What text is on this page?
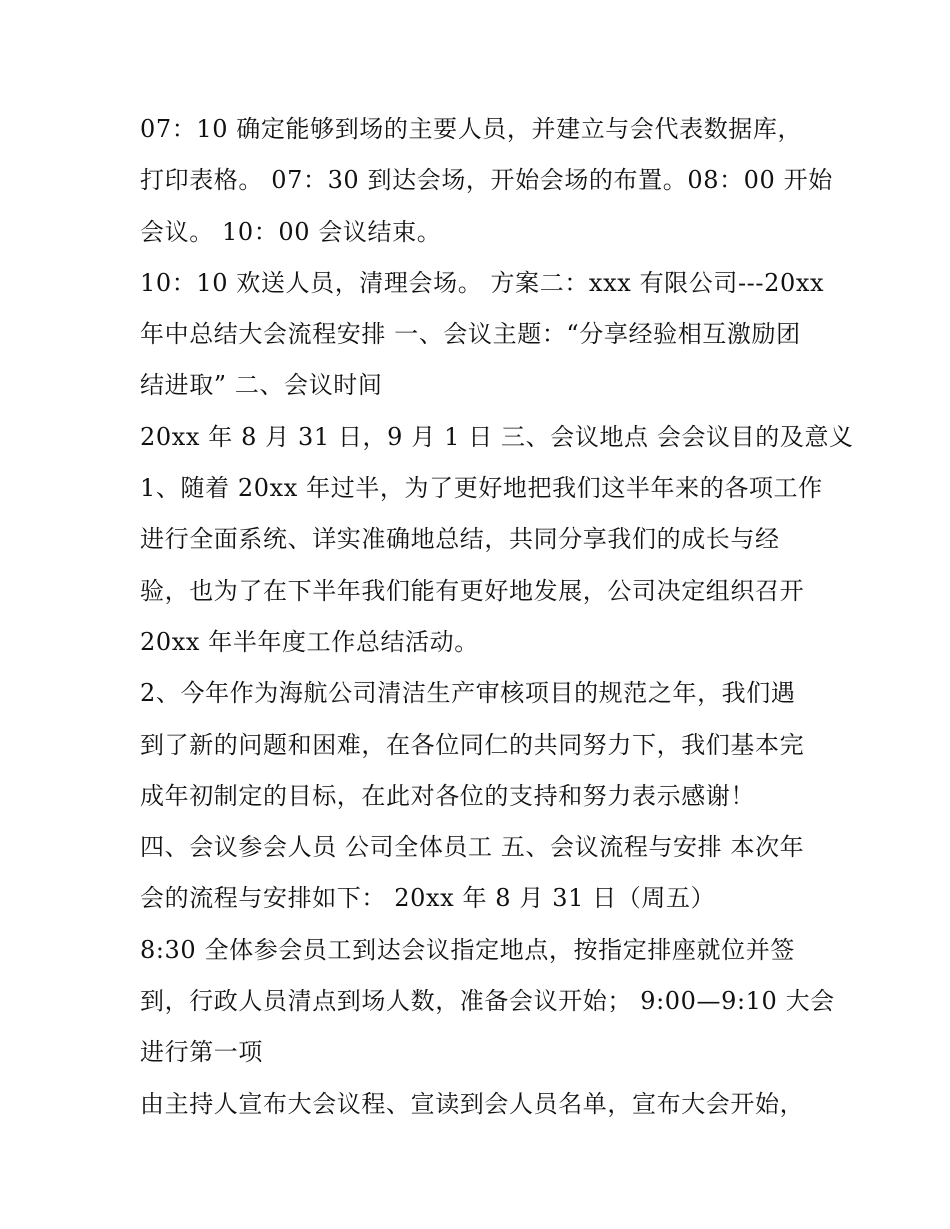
07：10 确定能够到场的主要人员，并建立与会代表数据库，
打印表格。 07：30 到达会场，开始会场的布置。08：00 开始
会议。 10：00 会议结束。
10：10 欢送人员，清理会场。 方案二：xxx 有限公司---20xx
年中总结大会流程安排 一、会议主题：“分享经验相互激励团
结进取” 二、会议时间
20xx 年 8 月 31 日，9 月 1 日 三、会议地点 会会议目的及意义
1、随着 20xx 年过半，为了更好地把我们这半年来的各项工作
进行全面系统、详实准确地总结，共同分享我们的成长与经
验，也为了在下半年我们能有更好地发展，公司决定组织召开
20xx 年半年度工作总结活动。
2、今年作为海航公司清洁生产审核项目的规范之年，我们遇
到了新的问题和困难，在各位同仁的共同努力下，我们基本完
成年初制定的目标，在此对各位的支持和努力表示感谢！
四、会议参会人员 公司全体员工 五、会议流程与安排 本次年
会的流程与安排如下： 20xx 年 8 月 31 日（周五）
8:30 全体参会员工到达会议指定地点，按指定排座就位并签
到，行政人员清点到场人数，准备会议开始； 9:00—9:10 大会
进行第一项
由主持人宣布大会议程、宣读到会人员名单，宣布大会开始，
